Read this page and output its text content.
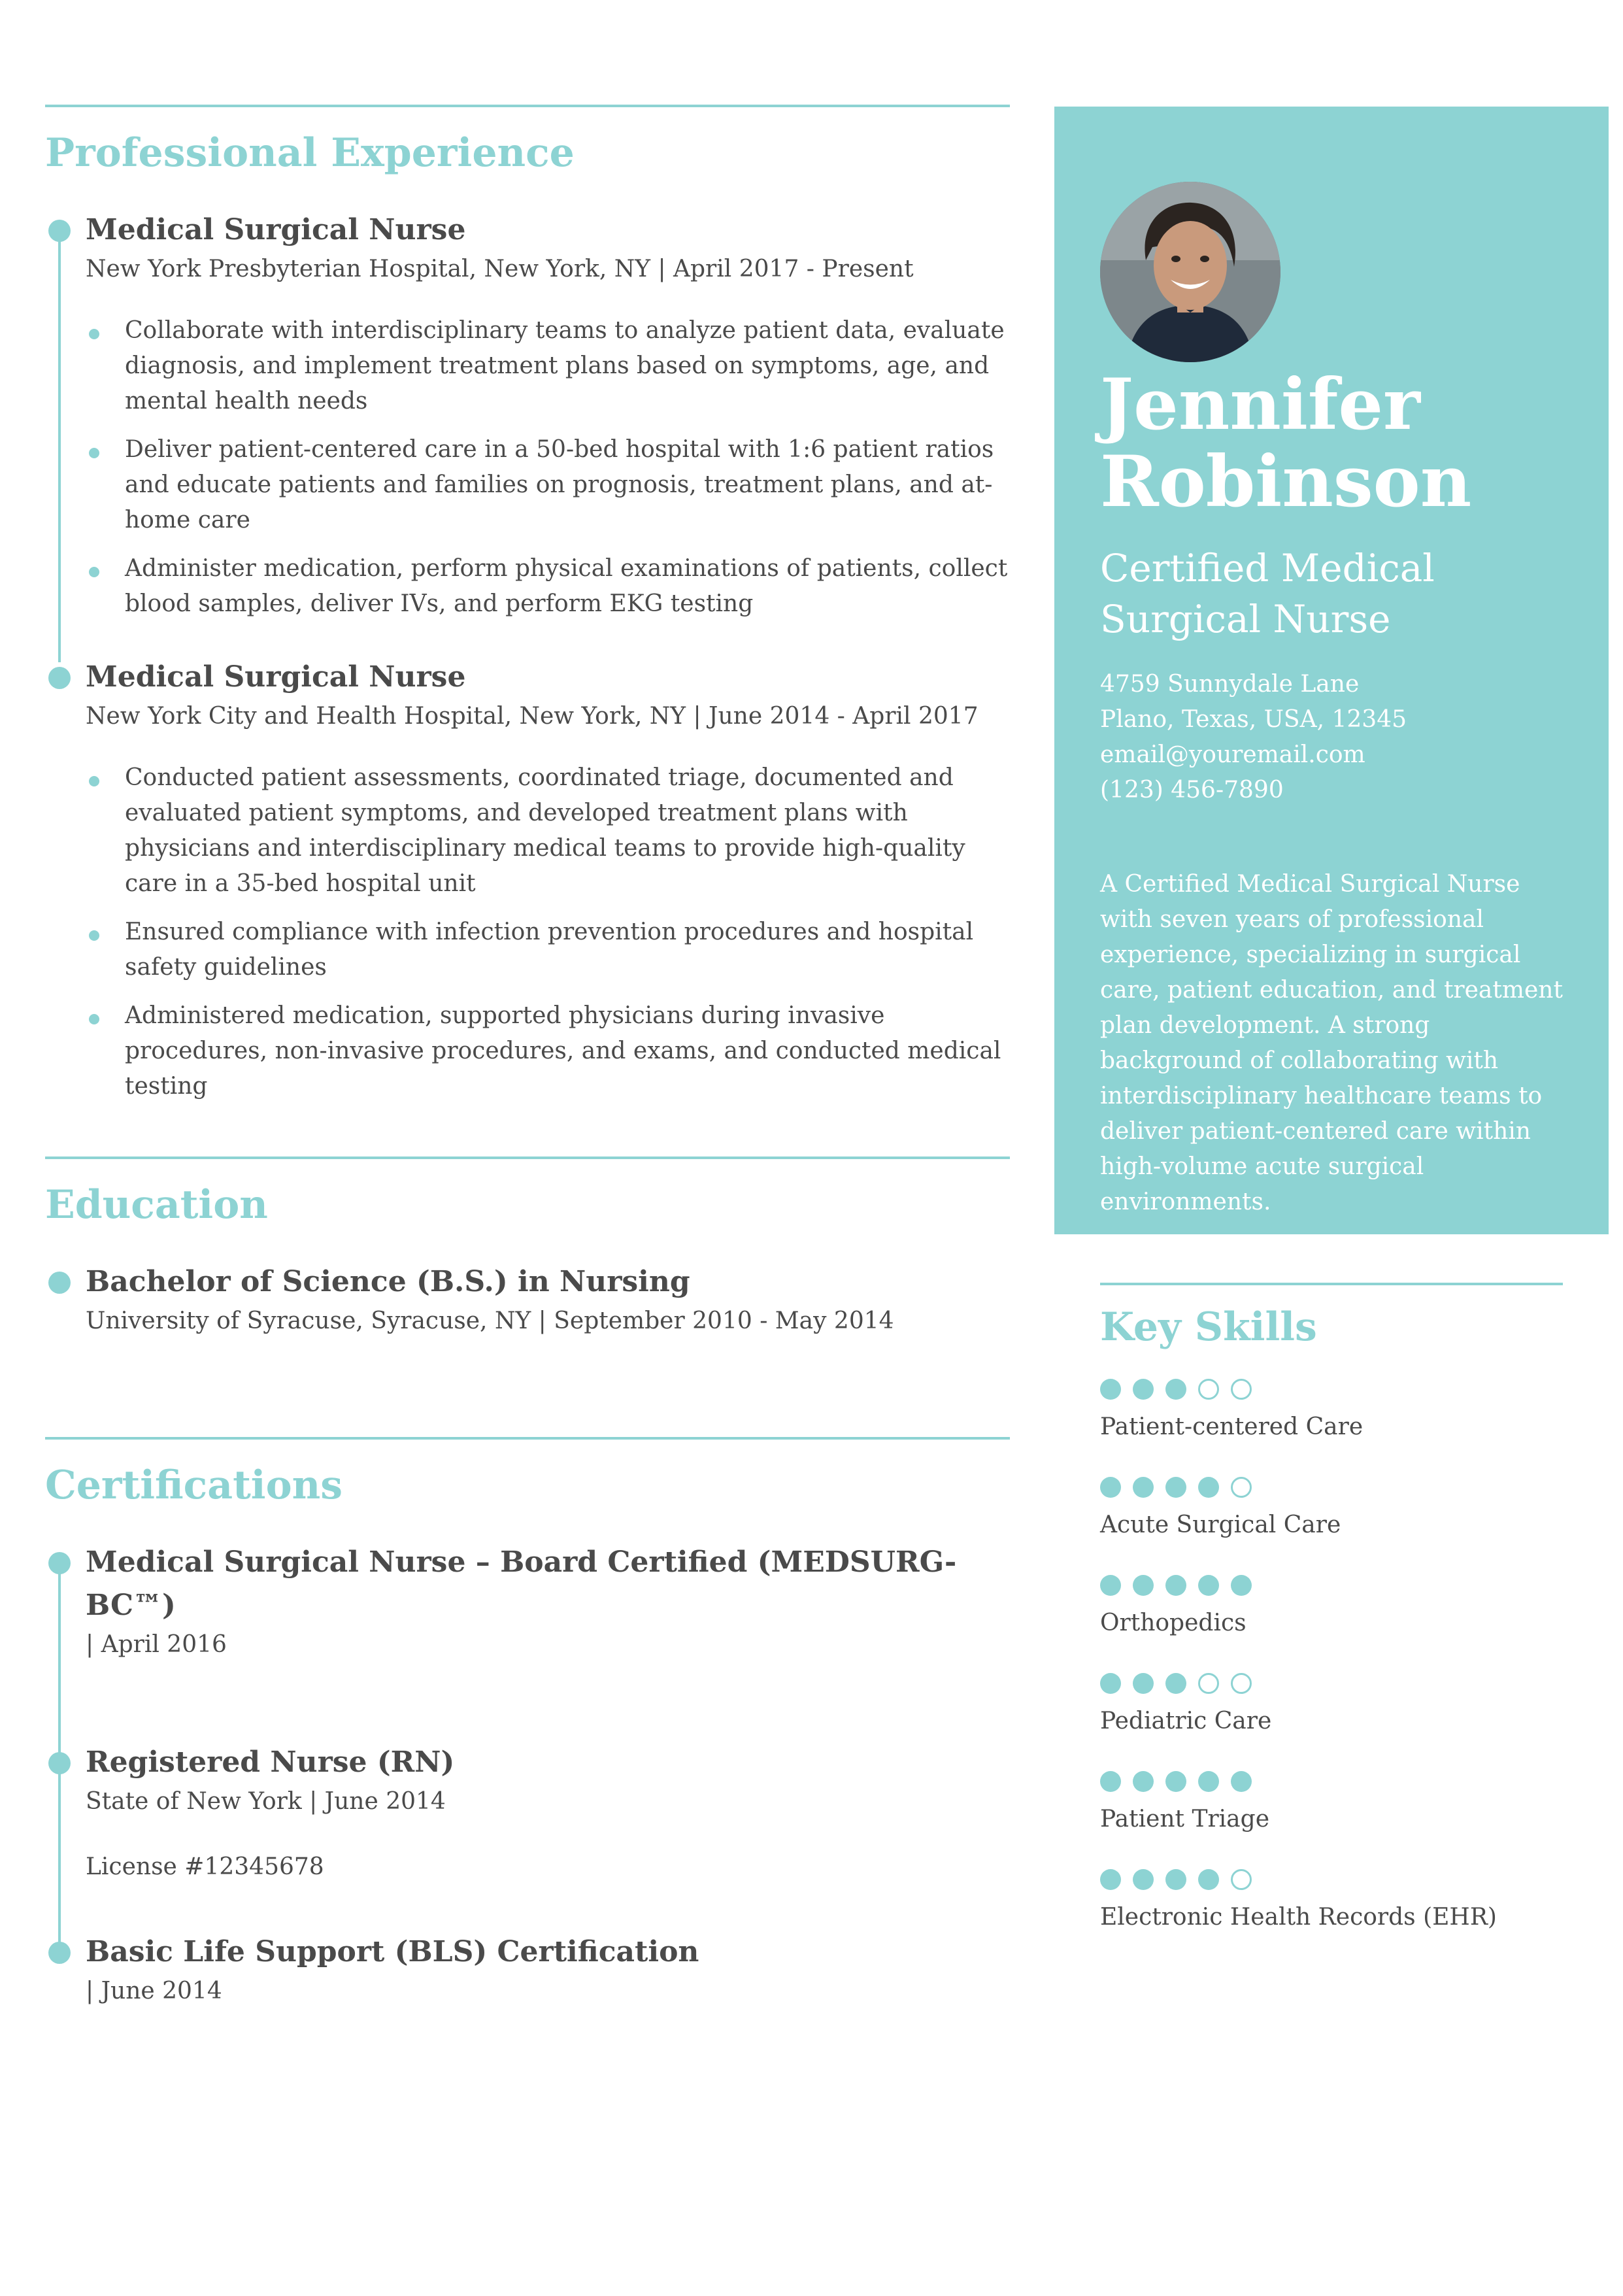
Professional Experience
Medical Surgical Nurse
New York Presbyterian Hospital, New York, NY | April 2017 - Present
Collaborate with interdisciplinary teams to analyze patient data, evaluate diagnosis, and implement treatment plans based on symptoms, age, and mental health needs
Deliver patient-centered care in a 50-bed hospital with 1:6 patient ratios and educate patients and families on prognosis, treatment plans, and at-home care
Administer medication, perform physical examinations of patients, collect blood samples, deliver IVs, and perform EKG testing
Medical Surgical Nurse
New York City and Health Hospital, New York, NY | June 2014 - April 2017
Conducted patient assessments, coordinated triage, documented and evaluated patient symptoms, and developed treatment plans with physicians and interdisciplinary medical teams to provide high-quality care in a 35-bed hospital unit
Ensured compliance with infection prevention procedures and hospital safety guidelines
Administered medication, supported physicians during invasive procedures, non-invasive procedures, and exams, and conducted medical testing
Education
Bachelor of Science (B.S.) in Nursing
University of Syracuse, Syracuse, NY | September 2010 - May 2014
Certifications
Medical Surgical Nurse – Board Certified (MEDSURG-BC™)
| April 2016
Registered Nurse (RN)
State of New York | June 2014
License #12345678
Basic Life Support (BLS) Certification
| June 2014
Jennifer
Robinson
Certified Medical Surgical Nurse
4759 Sunnydale Lane
Plano, Texas, USA, 12345
email@youremail.com
(123) 456-7890
A Certified Medical Surgical Nurse with seven years of professional experience, specializing in surgical care, patient education, and treatment plan development. A strong background of collaborating with interdisciplinary healthcare teams to deliver patient-centered care within high-volume acute surgical environments.
Key Skills
Patient-centered Care
Acute Surgical Care
Orthopedics
Pediatric Care
Patient Triage
Electronic Health Records (EHR)
